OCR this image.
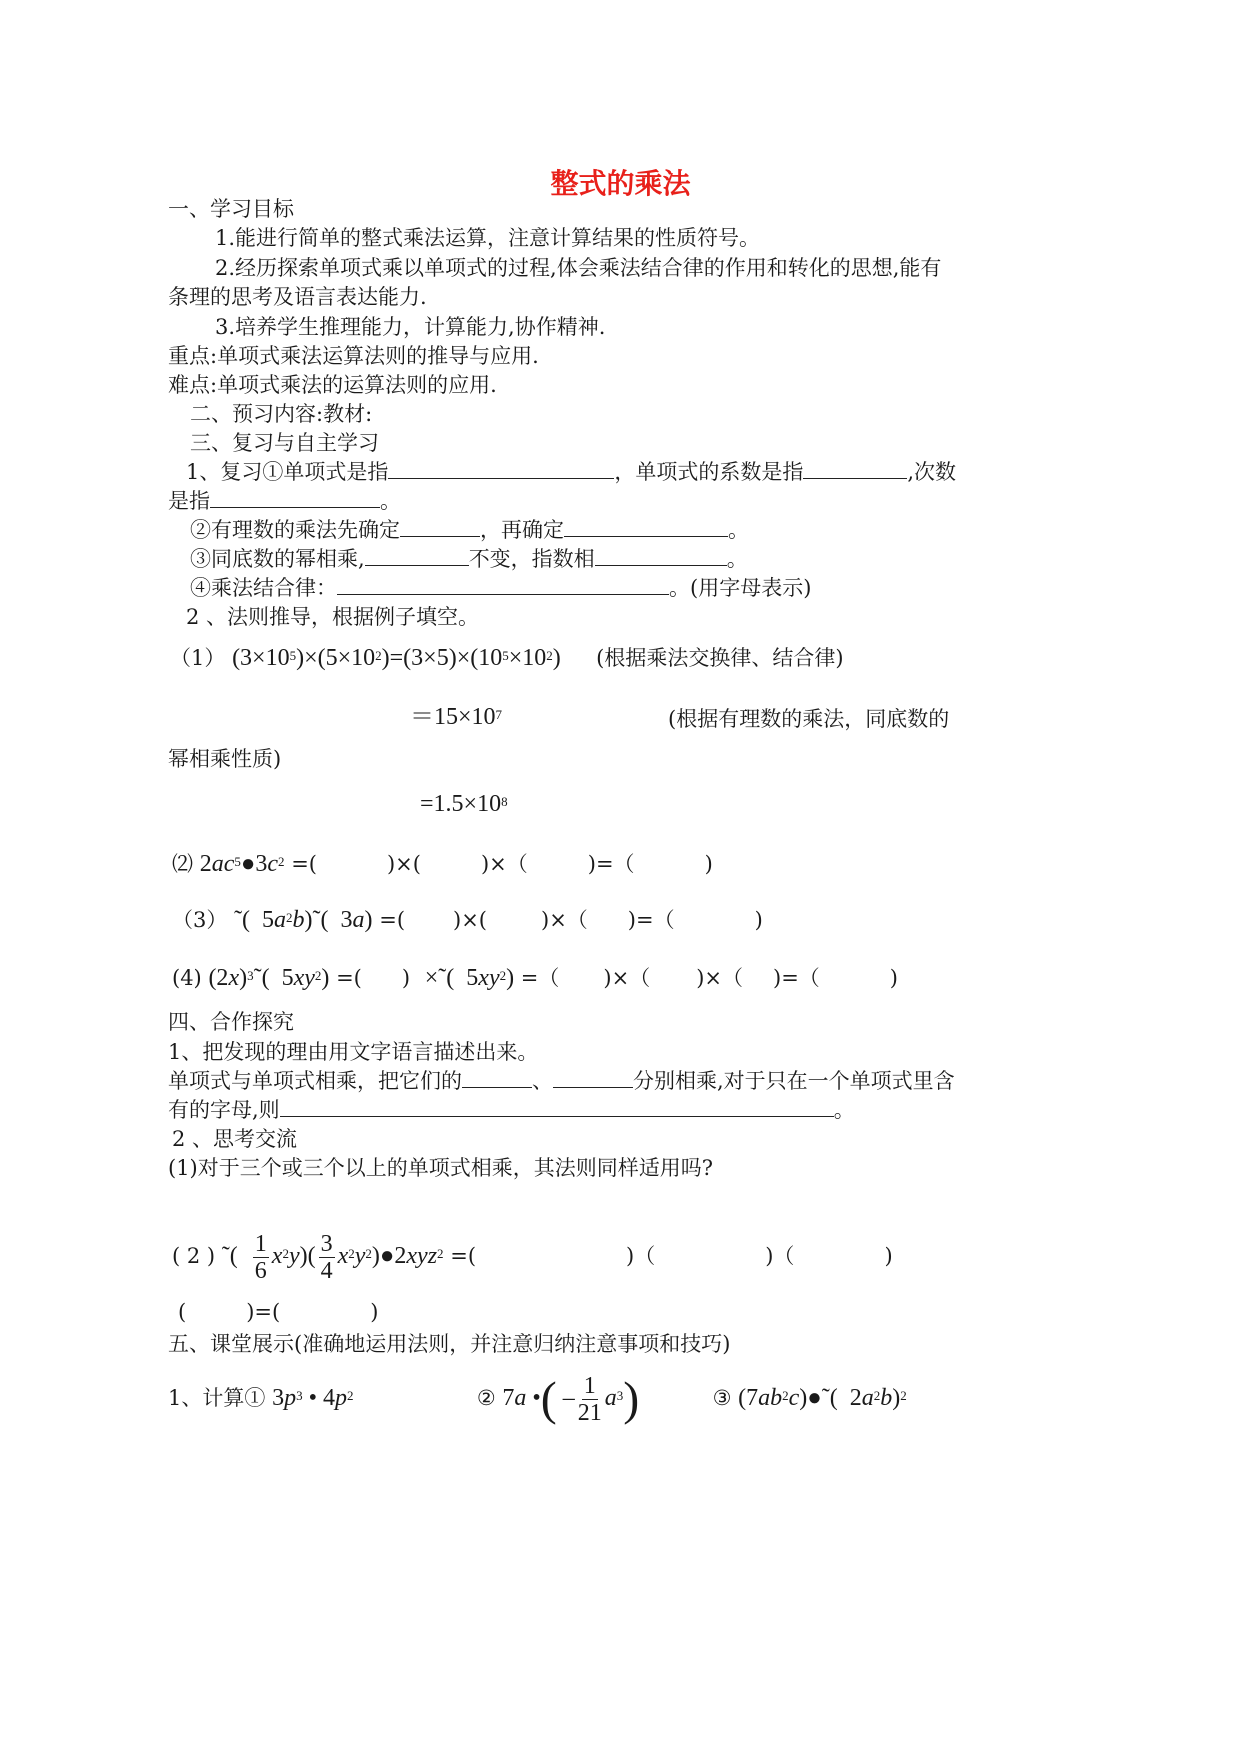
整式的乘法
一、学习目标
1.能进行简单的整式乘法运算，注意计算结果的性质符号。
2.经历探索单项式乘以单项式的过程,体会乘法结合律的作用和转化的思想,能有
条理的思考及语言表达能力.
3.培养学生推理能力，计算能力,协作精神.
重点:单项式乘法运算法则的推导与应用.
难点:单项式乘法的运算法则的应用.
二、预习内容:教材:
三、复习与自主学习
1、复习①单项式是指	，单项式的系数是指	,次数
是指	。
②有理数的乘法先确定	，再确定	。
③同底数的幂相乘,	不变，指数相	。
④乘法结合律：	。(用字母表示)
2 、法则推导，根据例子填空。
（1） $(3\times 10^5)\times(5\times 10^2)=(3\times 5)\times(10^5\times 10^2)$ (根据乘法交换律、结合律)
$=15\times 10^7$	(根据有理数的乘法，同底数的
幂相乘性质)
$=1.5\times 10^8$
⑵ $2ac^5●3c^2$ =(	)×(	)×（	)=（	)
（3） ˜(  $5a^2b)˜$(  3a) =( )×(	)×（ )=（	)
(4) $(2x)^3˜$(  $5xy^2$) =( ) ×˜(  $5xy^2$) =（ )×（ )×（ )=（	)
四、合作探究
1、把发现的理由用文字语言描述出来。
单项式与单项式相乘，把它们的	、	分别相乘,对于只在一个单项式里含
有的字母,则	。
2 、思考交流
(1)对于三个或三个以上的单项式相乘，其法则同样适用吗?
( 2 ) ˜( $\frac{1}{6} x^2y)( \frac{3}{4}$ $x^2y^2)●2xyz^2$ =(	)（	)（	)
(	)=(	)
五、课堂展示(准确地运用法则，并注意归纳注意事项和技巧)
1、计算① $3p^3$ • $4p^2$	② 7a •( – $\frac{1}{21} a^3$)	③ $(7ab^2c)●˜$(  $2a^2b)^2$
